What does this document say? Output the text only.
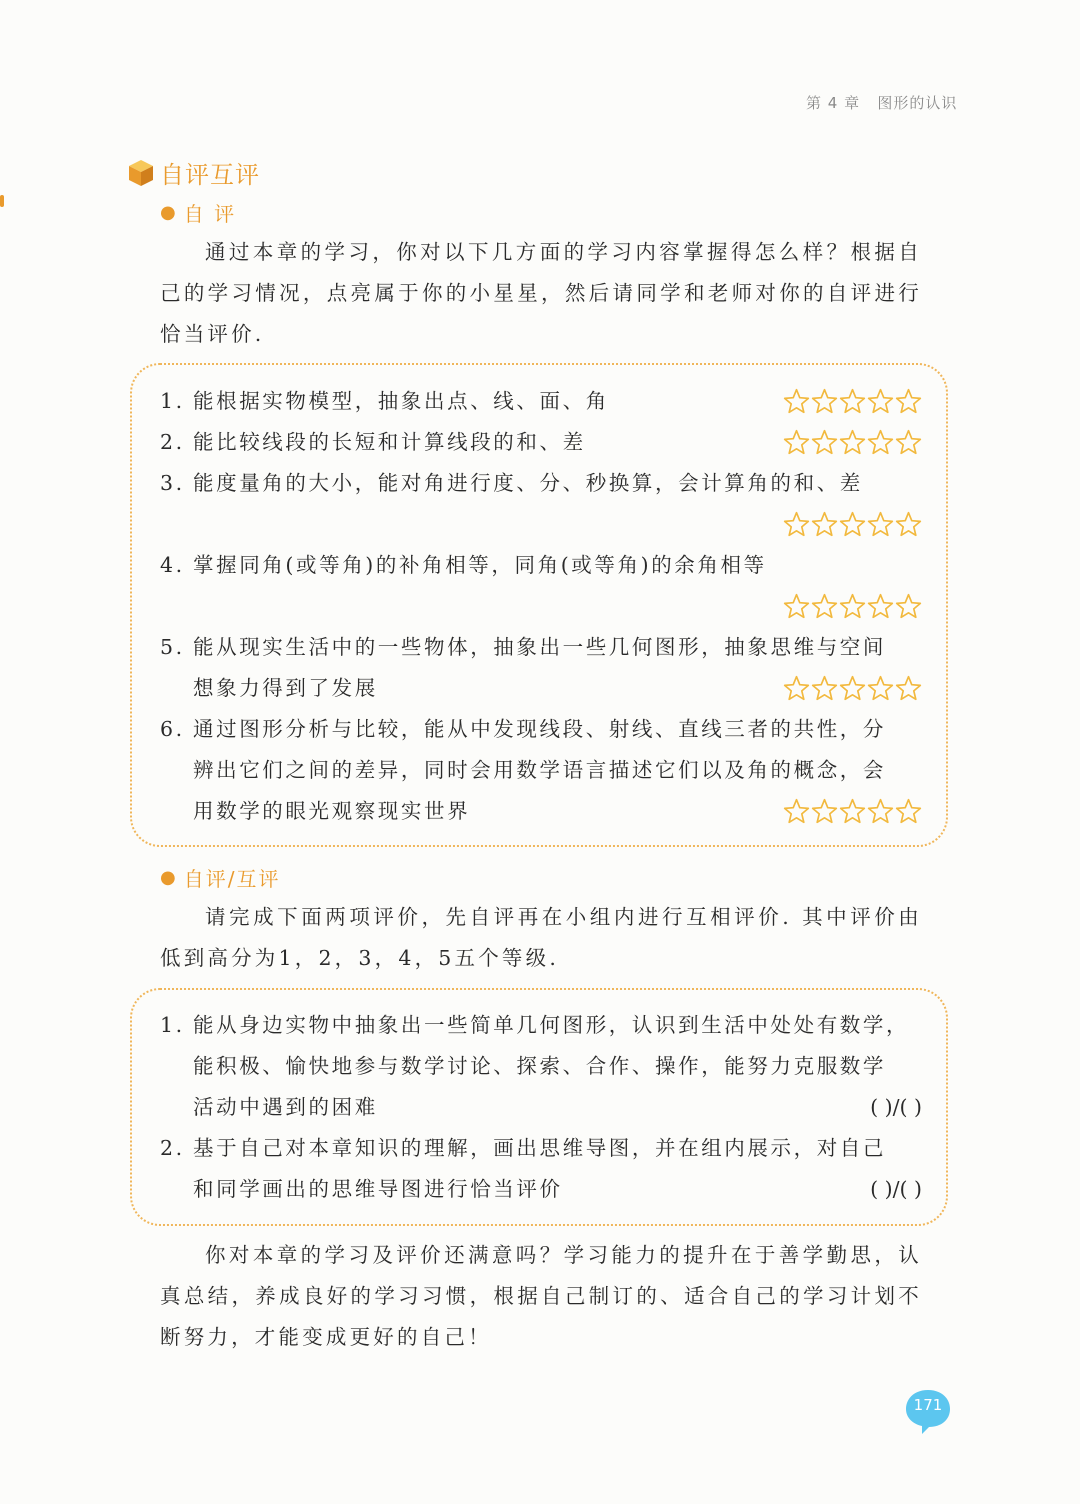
第 4 章 图形的认识
自评互评
● 自 评
通过本章的学习，你对以下几方面的学习内容掌握得怎么样？根据自己的学习情况，点亮属于你的小星星，然后请同学和老师对你的自评进行恰当评价.
1. 能根据实物模型，抽象出点、线、面、角
2. 能比较线段的长短和计算线段的和、差
3. 能度量角的大小，能对角进行度、分、秒换算，会计算角的和、差
4. 掌握同角(或等角)的补角相等，同角(或等角)的余角相等
5. 能从现实生活中的一些物体，抽象出一些几何图形，抽象思维与空间
想象力得到了发展
6. 通过图形分析与比较，能从中发现线段、射线、直线三者的共性，分
辨出它们之间的差异，同时会用数学语言描述它们以及角的概念，会
用数学的眼光观察现实世界
● 自评/互评
请完成下面两项评价，先自评再在小组内进行互相评价. 其中评价由低到高分为1，2，3，4，5五个等级.
1. 能从身边实物中抽象出一些简单几何图形，认识到生活中处处有数学，
能积极、愉快地参与数学讨论、探索、合作、操作，能努力克服数学
活动中遇到的困难	( )/( )
2. 基于自己对本章知识的理解，画出思维导图，并在组内展示，对自己
和同学画出的思维导图进行恰当评价	( )/( )
你对本章的学习及评价还满意吗？学习能力的提升在于善学勤思，认真总结，养成良好的学习习惯，根据自己制订的、适合自己的学习计划不断努力，才能变成更好的自己！
171
